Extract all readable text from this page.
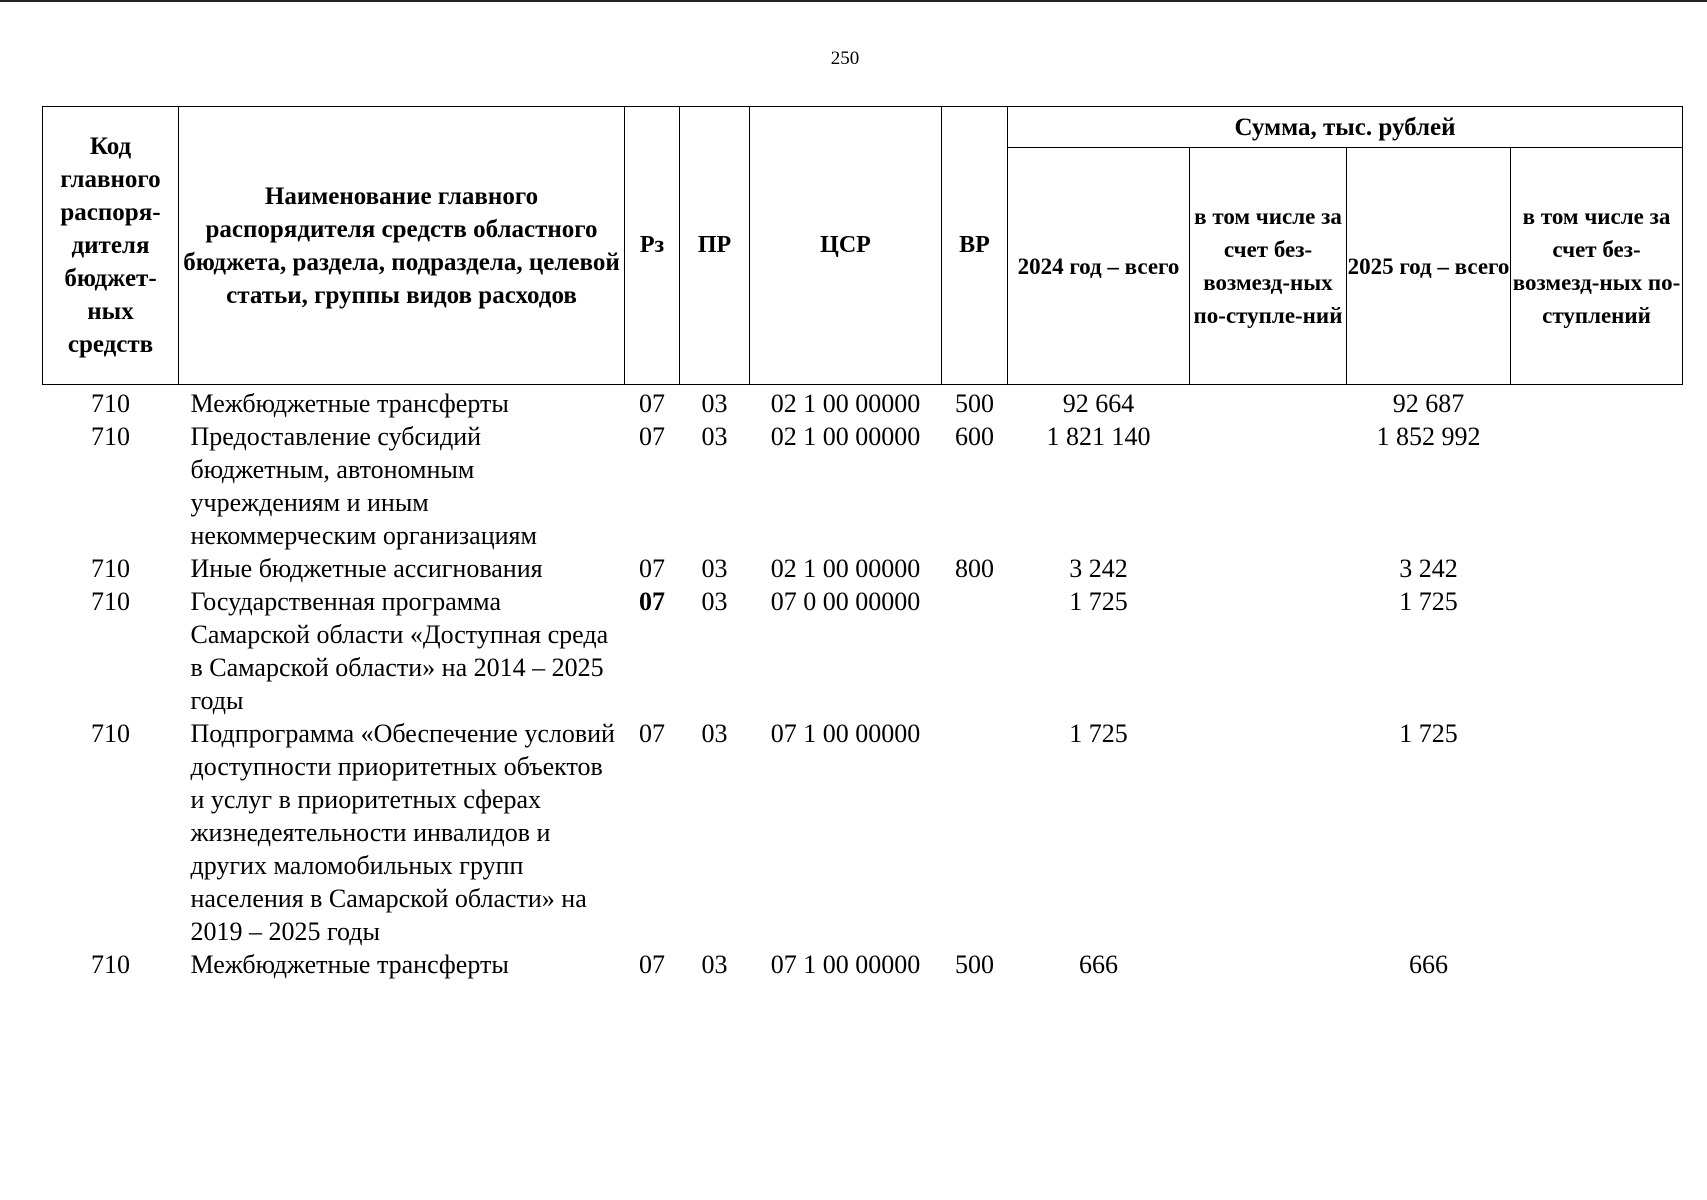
250
Код главного распоря-дителя бюджет-ных средств	Наименование главного распорядителя средств областного бюджета, раздела, подраздела, целевой статьи, группы видов расходов	Рз	ПР	ЦСР	ВР	Сумма, тыс. рублей			
						2024 год – всего	в том числе за счет без-возмезд-ных по-ступле-ний	2025 год – всего	в том числе за счет без-возмезд-ных по-ступлений
710	Межбюджетные трансферты	07	03	02 1 00 00000	500	92 664		92 687	
710	Предоставление субсидий бюджетным, автономным учреждениям и иным некоммерческим организациям	07	03	02 1 00 00000	600	1 821 140		1 852 992	
710	Иные бюджетные ассигнования	07	03	02 1 00 00000	800	3 242		3 242	
710	Государственная программа Самарской области «Доступная среда в Самарской области» на 2014 – 2025 годы	07	03	07 0 00 00000		1 725		1 725	
710	Подпрограмма «Обеспечение условий доступности приоритетных объектов и услуг в приоритетных сферах жизнедеятельности инвалидов и других маломобильных групп населения в Самарской области» на 2019 – 2025 годы	07	03	07 1 00 00000		1 725		1 725	
710	Межбюджетные трансферты	07	03	07 1 00 00000	500	666		666	
